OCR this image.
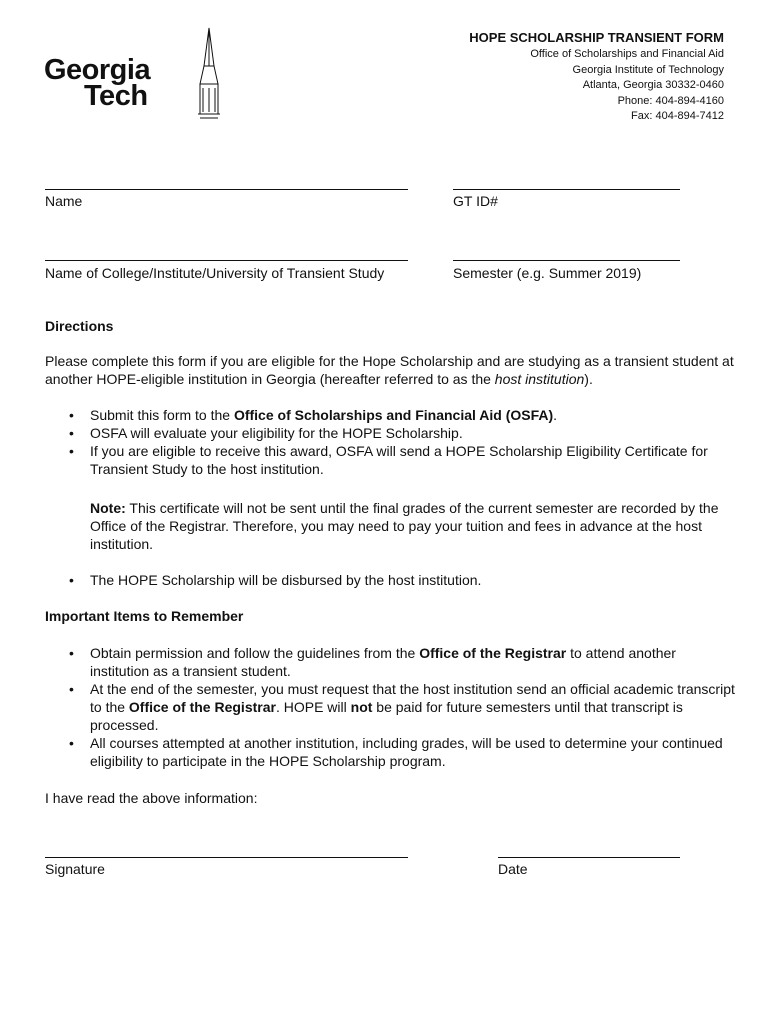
Georgia
Tech
HOPE SCHOLARSHIP TRANSIENT FORM
Office of Scholarships and Financial Aid
Georgia Institute of Technology
Atlanta, Georgia 30332-0460
Phone: 404-894-4160
Fax: 404-894-7412
Name	GT ID#
Name of College/Institute/University of Transient Study	Semester (e.g. Summer 2019)
Directions
Please complete this form if you are eligible for the Hope Scholarship and are studying as a transient student at another HOPE-eligible institution in Georgia (hereafter referred to as the host institution).
• Submit this form to the Office of Scholarships and Financial Aid (OSFA).
• OSFA will evaluate your eligibility for the HOPE Scholarship.
• If you are eligible to receive this award, OSFA will send a HOPE Scholarship Eligibility Certificate for Transient Study to the host institution.
Note: This certificate will not be sent until the final grades of the current semester are recorded by the Office of the Registrar. Therefore, you may need to pay your tuition and fees in advance at the host institution.
• The HOPE Scholarship will be disbursed by the host institution.
Important Items to Remember
• Obtain permission and follow the guidelines from the Office of the Registrar to attend another institution as a transient student.
• At the end of the semester, you must request that the host institution send an official academic transcript to the Office of the Registrar. HOPE will not be paid for future semesters until that transcript is processed.
• All courses attempted at another institution, including grades, will be used to determine your continued eligibility to participate in the HOPE Scholarship program.
I have read the above information:
Signature	Date
